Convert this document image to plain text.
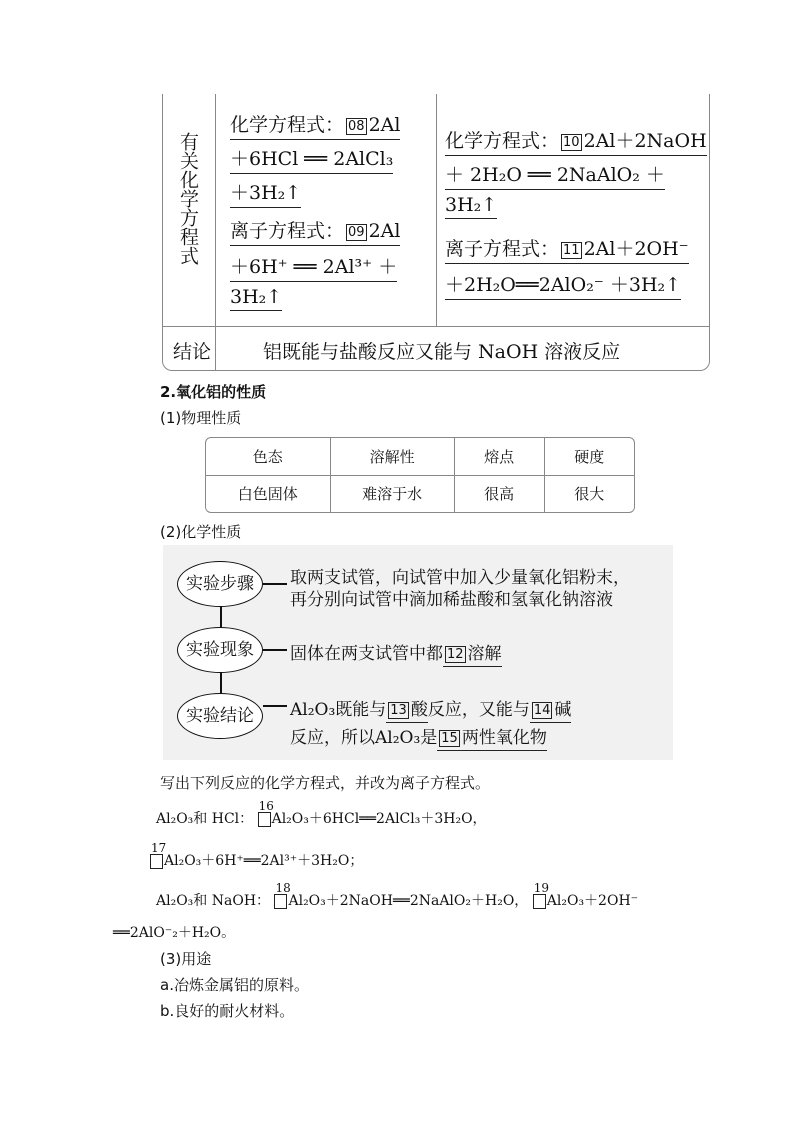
有关化学方程式
化学方程式： 08 2Al
＋6HCl ══ 2AlCl₃
＋3H₂↑
离子方程式： 09 2Al
＋6H⁺ ══ 2Al³⁺ ＋
3H₂↑
化学方程式： 10 2Al＋2NaOH
＋ 2H₂O ══ 2NaAlO₂ ＋
3H₂↑
离子方程式： 11 2Al＋2OH⁻
＋2H₂O══2AlO₂⁻ ＋3H₂↑
结论	铝既能与盐酸反应又能与 NaOH 溶液反应
2.氧化铝的性质
(1)物理性质
色态	溶解性	熔点	硬度
白色固体	难溶于水	很高	很大
(2)化学性质
实验步骤	取两支试管，向试管中加入少量氧化铝粉末，
再分别向试管中滴加稀盐酸和氢氧化钠溶液
实验现象	固体在两支试管中都 12 溶解
实验结论	Al₂O₃既能与 13 酸反应，又能与 14 碱
反应，所以Al₂O₃是 15 两性氧化物
写出下列反应的化学方程式，并改为离子方程式。
Al₂O₃和 HCl：
16
Al₂O₃＋6HCl══2AlCl₃＋3H₂O，
17
Al₂O₃＋6H⁺══2Al³⁺＋3H₂O；
Al₂O₃和 NaOH：
18
Al₂O₃＋2NaOH══2NaAlO₂＋H₂O，
19
Al₂O₃＋2OH⁻
══2AlO⁻₂＋H₂O。
(3)用途
a.冶炼金属铝的原料。
b.良好的耐火材料。
